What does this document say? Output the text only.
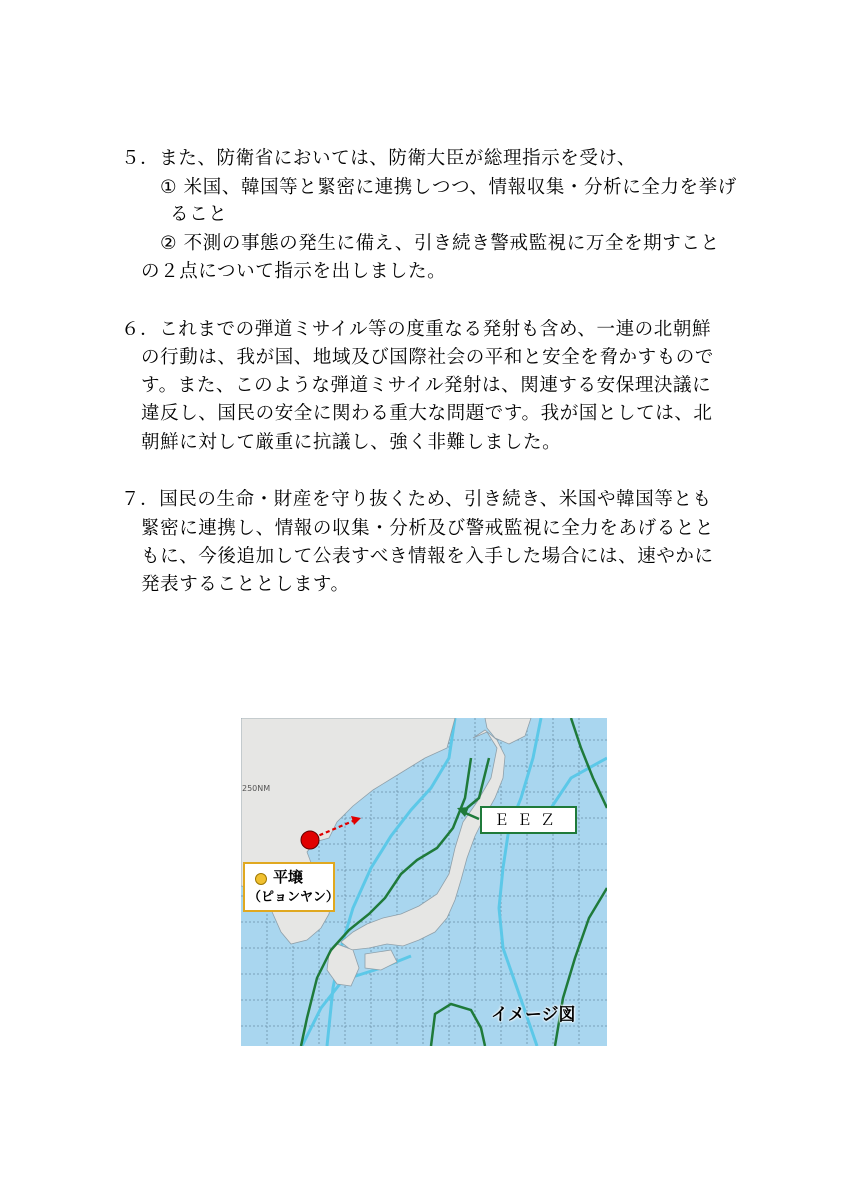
５．また、防衛省においては、防衛大臣が総理指示を受け、
① 米国、韓国等と緊密に連携しつつ、情報収集・分析に全力を挙げ
ること
② 不測の事態の発生に備え、引き続き警戒監視に万全を期すこと
の２点について指示を出しました。
６．これまでの弾道ミサイル等の度重なる発射も含め、一連の北朝鮮
の行動は、我が国、地域及び国際社会の平和と安全を脅かすもので
す。また、このような弾道ミサイル発射は、関連する安保理決議に
違反し、国民の安全に関わる重大な問題です。我が国としては、北
朝鮮に対して厳重に抗議し、強く非難しました。
７．国民の生命・財産を守り抜くため、引き続き、米国や韓国等とも
緊密に連携し、情報の収集・分析及び警戒監視に全力をあげるとと
もに、今後追加して公表すべき情報を入手した場合には、速やかに
発表することとします。
250NM
ＥＥＺ
平壌
（ピョンヤン）
イメージ図
